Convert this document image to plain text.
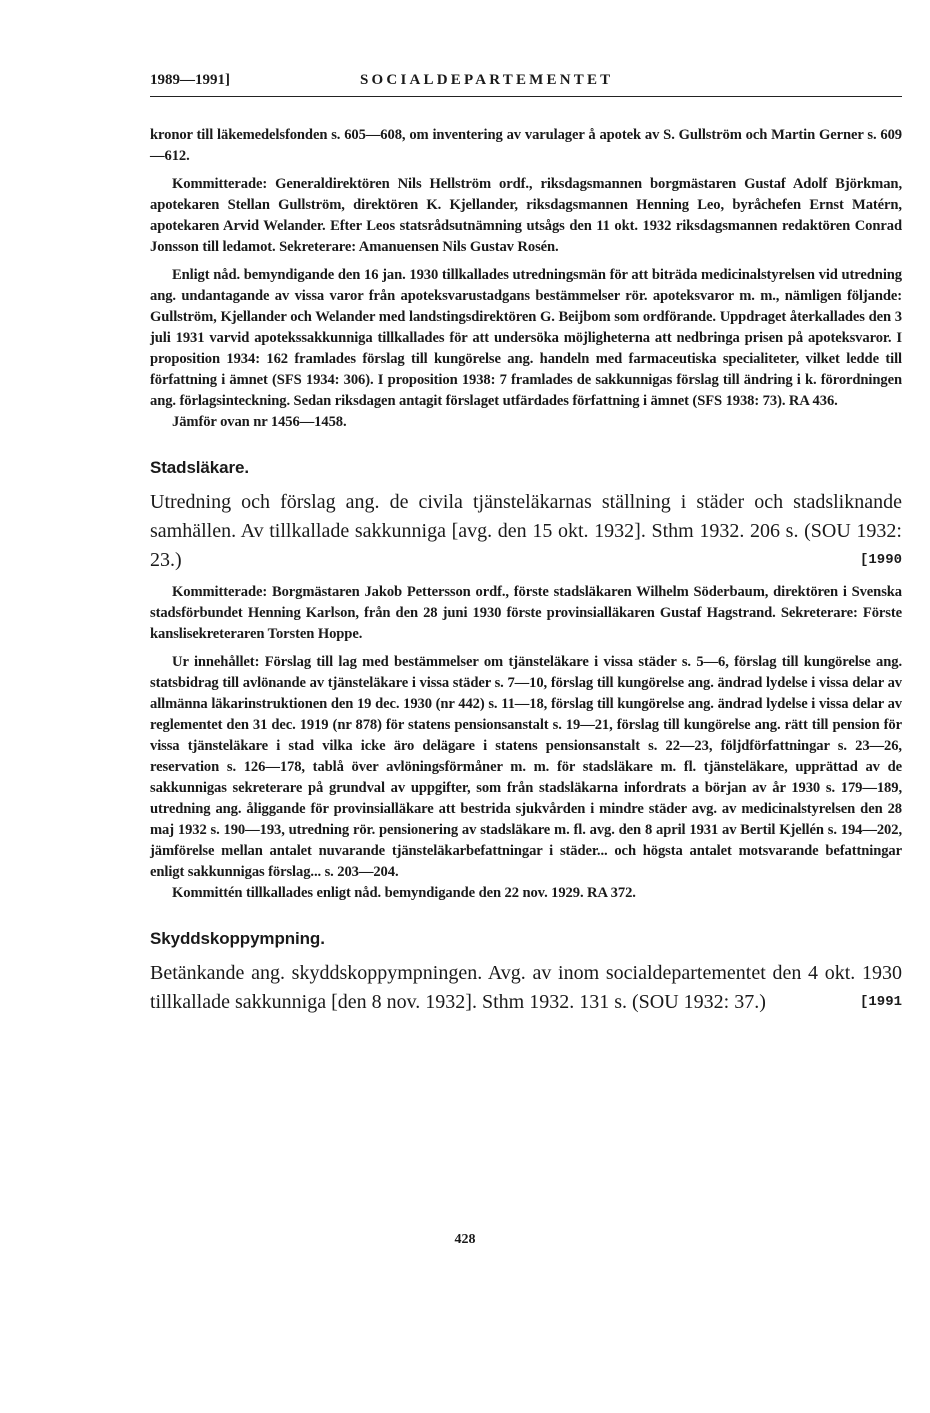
1989—1991]	SOCIALDEPARTEMENTET

kronor till läkemedelsfonden s. 605—608, om inventering av varulager å apotek av S. Gullström och Martin Gerner s. 609—612.

Kommitterade: Generaldirektören Nils Hellström ordf., riksdagsmannen borgmästaren Gustaf Adolf Björkman, apotekaren Stellan Gullström, direktören K. Kjellander, riksdagsmannen Henning Leo, byråchefen Ernst Matérn, apotekaren Arvid Welander. Efter Leos statsrådsutnämning utsågs den 11 okt. 1932 riksdagsmannen redaktören Conrad Jonsson till ledamot. Sekreterare: Amanuensen Nils Gustav Rosén.

Enligt nåd. bemyndigande den 16 jan. 1930 tillkallades utredningsmän för att biträda medicinalstyrelsen vid utredning ang. undantagande av vissa varor från apoteksvarustadgans bestämmelser rör. apoteksvaror m. m., nämligen följande: Gullström, Kjellander och Welander med landstingsdirektören G. Beijbom som ordförande. Uppdraget återkallades den 3 juli 1931 varvid apotekssakkunniga tillkallades för att undersöka möjligheterna att nedbringa prisen på apoteksvaror. I proposition 1934: 162 framlades förslag till kungörelse ang. handeln med farmaceutiska specialiteter, vilket ledde till författning i ämnet (SFS 1934: 306). I proposition 1938: 7 framlades de sakkunnigas förslag till ändring i k. förordningen ang. förlagsinteckning. Sedan riksdagen antagit förslaget utfärdades författning i ämnet (SFS 1938: 73). RA 436.

Jämför ovan nr 1456—1458.

Stadsläkare.

Utredning och förslag ang. de civila tjänsteläkarnas ställning i städer och stadsliknande samhällen. Av tillkallade sakkunniga [avg. den 15 okt. 1932]. Sthm 1932. 206 s. (SOU 1932: 23.)	[1990

Kommitterade: Borgmästaren Jakob Pettersson ordf., förste stadsläkaren Wilhelm Söderbaum, direktören i Svenska stadsförbundet Henning Karlson, från den 28 juni 1930 förste provinsialläkaren Gustaf Hagstrand. Sekreterare: Förste kanslisekreteraren Torsten Hoppe.

Ur innehållet: Förslag till lag med bestämmelser om tjänsteläkare i vissa städer s. 5—6, förslag till kungörelse ang. statsbidrag till avlönande av tjänsteläkare i vissa städer s. 7—10, förslag till kungörelse ang. ändrad lydelse i vissa delar av allmänna läkarinstruktionen den 19 dec. 1930 (nr 442) s. 11—18, förslag till kungörelse ang. ändrad lydelse i vissa delar av reglementet den 31 dec. 1919 (nr 878) för statens pensionsanstalt s. 19—21, förslag till kungörelse ang. rätt till pension för vissa tjänsteläkare i stad vilka icke äro delägare i statens pensionsanstalt s. 22—23, följdförfattningar s. 23—26, reservation s. 126—178, tablå över avlöningsförmåner m. m. för stadsläkare m. fl. tjänsteläkare, upprättad av de sakkunnigas sekreterare på grundval av uppgifter, som från stadsläkarna infordrats a början av år 1930 s. 179—189, utredning ang. åliggande för provinsialläkare att bestrida sjukvården i mindre städer avg. av medicinalstyrelsen den 28 maj 1932 s. 190—193, utredning rör. pensionering av stadsläkare m. fl. avg. den 8 april 1931 av Bertil Kjellén s. 194—202, jämförelse mellan antalet nuvarande tjänsteläkarbefattningar i städer... och högsta antalet motsvarande befattningar enligt sakkunnigas förslag... s. 203—204.

Kommittén tillkallades enligt nåd. bemyndigande den 22 nov. 1929. RA 372.

Skyddskoppympning.

Betänkande ang. skyddskoppympningen. Avg. av inom socialdepartementet den 4 okt. 1930 tillkallade sakkunniga [den 8 nov. 1932]. Sthm 1932. 131 s. (SOU 1932: 37.)	[1991

428
